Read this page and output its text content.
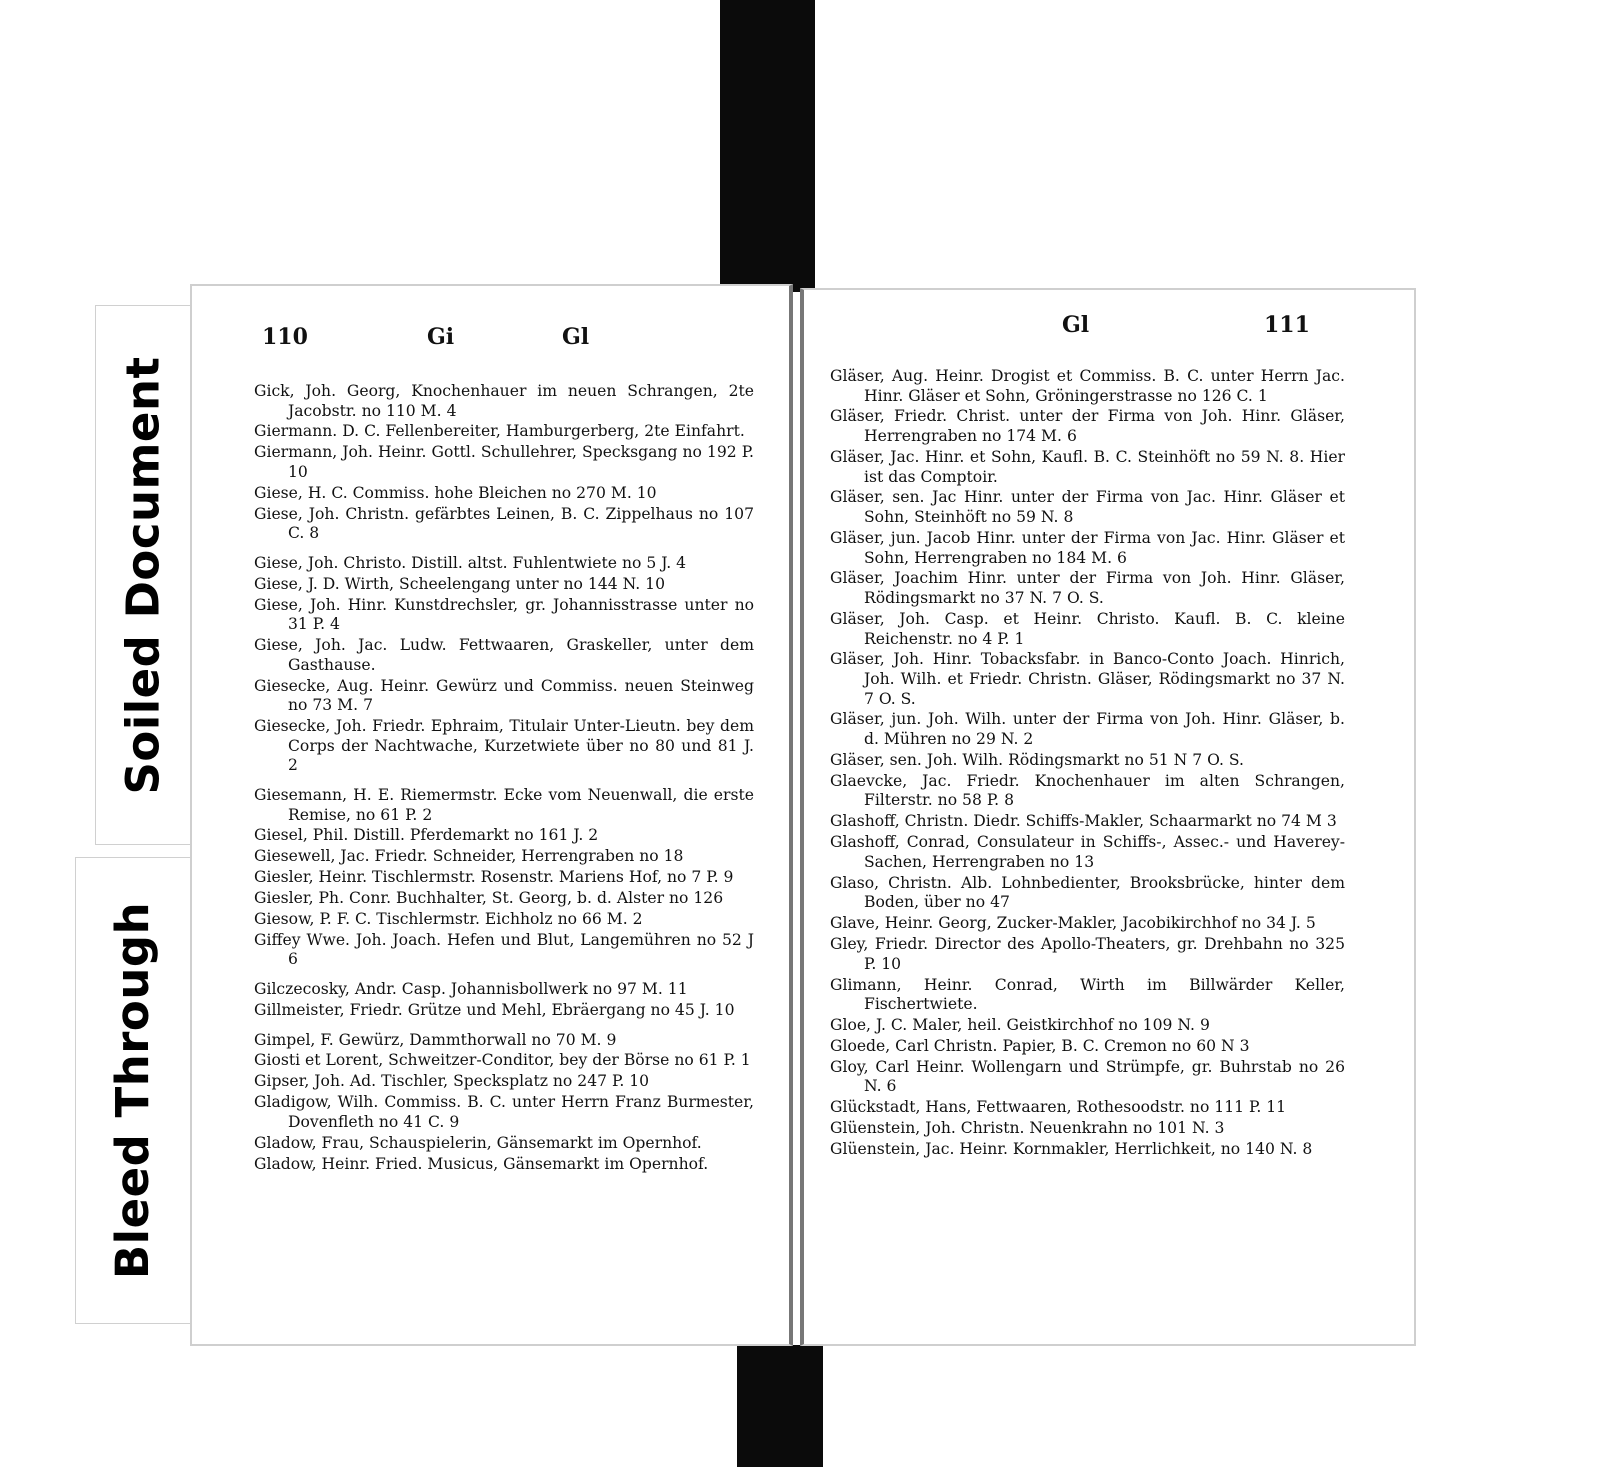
Soiled Document
Bleed Through
110	Gi	Gl
Gick, Joh. Georg, Knochenhauer im neuen Schrangen, 2te Jacobstr. no 110 M. 4
Giermann. D. C. Fellenbereiter, Hamburgerberg, 2te Einfahrt.
Giermann, Joh. Heinr. Gottl. Schullehrer, Specksgang no 192 P. 10
Giese, H. C. Commiss. hohe Bleichen no 270 M. 10
Giese, Joh. Christn. gefärbtes Leinen, B. C. Zippelhaus no 107 C. 8
Giese, Joh. Christo. Distill. altst. Fuhlentwiete no 5 J. 4
Giese, J. D. Wirth, Scheelengang unter no 144 N. 10
Giese, Joh. Hinr. Kunstdrechsler, gr. Johannisstrasse unter no 31 P. 4
Giese, Joh. Jac. Ludw. Fettwaaren, Graskeller, unter dem Gasthause.
Giesecke, Aug. Heinr. Gewürz und Commiss. neuen Steinweg no 73 M. 7
Giesecke, Joh. Friedr. Ephraim, Titulair Unter-Lieutn. bey dem Corps der Nachtwache, Kurzetwiete über no 80 und 81 J. 2
Giesemann, H. E. Riemermstr. Ecke vom Neuenwall, die erste Remise, no 61 P. 2
Giesel, Phil. Distill. Pferdemarkt no 161 J. 2
Giesewell, Jac. Friedr. Schneider, Herrengraben no 18
Giesler, Heinr. Tischlermstr. Rosenstr. Mariens Hof, no 7 P. 9
Giesler, Ph. Conr. Buchhalter, St. Georg, b. d. Alster no 126
Giesow, P. F. C. Tischlermstr. Eichholz no 66 M. 2
Giffey Wwe. Joh. Joach. Hefen und Blut, Langemühren no 52 J 6
Gilczecosky, Andr. Casp. Johannisbollwerk no 97 M. 11
Gillmeister, Friedr. Grütze und Mehl, Ebräergang no 45 J. 10
Gimpel, F. Gewürz, Dammthorwall no 70 M. 9
Giosti et Lorent, Schweitzer-Conditor, bey der Börse no 61 P. 1
Gipser, Joh. Ad. Tischler, Specksplatz no 247 P. 10
Gladigow, Wilh. Commiss. B. C. unter Herrn Franz Burmester, Dovenfleth no 41 C. 9
Gladow, Frau, Schauspielerin, Gänsemarkt im Opernhof.
Gladow, Heinr. Fried. Musicus, Gänsemarkt im Opernhof.
Gl	111
Gläser, Aug. Heinr. Drogist et Commiss. B. C. unter Herrn Jac. Hinr. Gläser et Sohn, Gröningerstrasse no 126 C. 1
Gläser, Friedr. Christ. unter der Firma von Joh. Hinr. Gläser, Herrengraben no 174 M. 6
Gläser, Jac. Hinr. et Sohn, Kaufl. B. C. Steinhöft no 59 N. 8. Hier ist das Comptoir.
Gläser, sen. Jac Hinr. unter der Firma von Jac. Hinr. Gläser et Sohn, Steinhöft no 59 N. 8
Gläser, jun. Jacob Hinr. unter der Firma von Jac. Hinr. Gläser et Sohn, Herrengraben no 184 M. 6
Gläser, Joachim Hinr. unter der Firma von Joh. Hinr. Gläser, Rödingsmarkt no 37 N. 7 O. S.
Gläser, Joh. Casp. et Heinr. Christo. Kaufl. B. C. kleine Reichenstr. no 4 P. 1
Gläser, Joh. Hinr. Tobacksfabr. in Banco-Conto Joach. Hinrich, Joh. Wilh. et Friedr. Christn. Gläser, Rödingsmarkt no 37 N. 7 O. S.
Gläser, jun. Joh. Wilh. unter der Firma von Joh. Hinr. Gläser, b. d. Mühren no 29 N. 2
Gläser, sen. Joh. Wilh. Rödingsmarkt no 51 N 7 O. S.
Glaevcke, Jac. Friedr. Knochenhauer im alten Schrangen, Filterstr. no 58 P. 8
Glashoff, Christn. Diedr. Schiffs-Makler, Schaarmarkt no 74 M 3
Glashoff, Conrad, Consulateur in Schiffs-, Assec.- und Haverey-Sachen, Herrengraben no 13
Glaso, Christn. Alb. Lohnbedienter, Brooksbrücke, hinter dem Boden, über no 47
Glave, Heinr. Georg, Zucker-Makler, Jacobikirchhof no 34 J. 5
Gley, Friedr. Director des Apollo-Theaters, gr. Drehbahn no 325 P. 10
Glimann, Heinr. Conrad, Wirth im Billwärder Keller, Fischertwiete.
Gloe, J. C. Maler, heil. Geistkirchhof no 109 N. 9
Gloede, Carl Christn. Papier, B. C. Cremon no 60 N 3
Gloy, Carl Heinr. Wollengarn und Strümpfe, gr. Buhrstab no 26 N. 6
Glückstadt, Hans, Fettwaaren, Rothesoodstr. no 111 P. 11
Glüenstein, Joh. Christn. Neuenkrahn no 101 N. 3
Glüenstein, Jac. Heinr. Kornmakler, Herrlichkeit, no 140 N. 8
